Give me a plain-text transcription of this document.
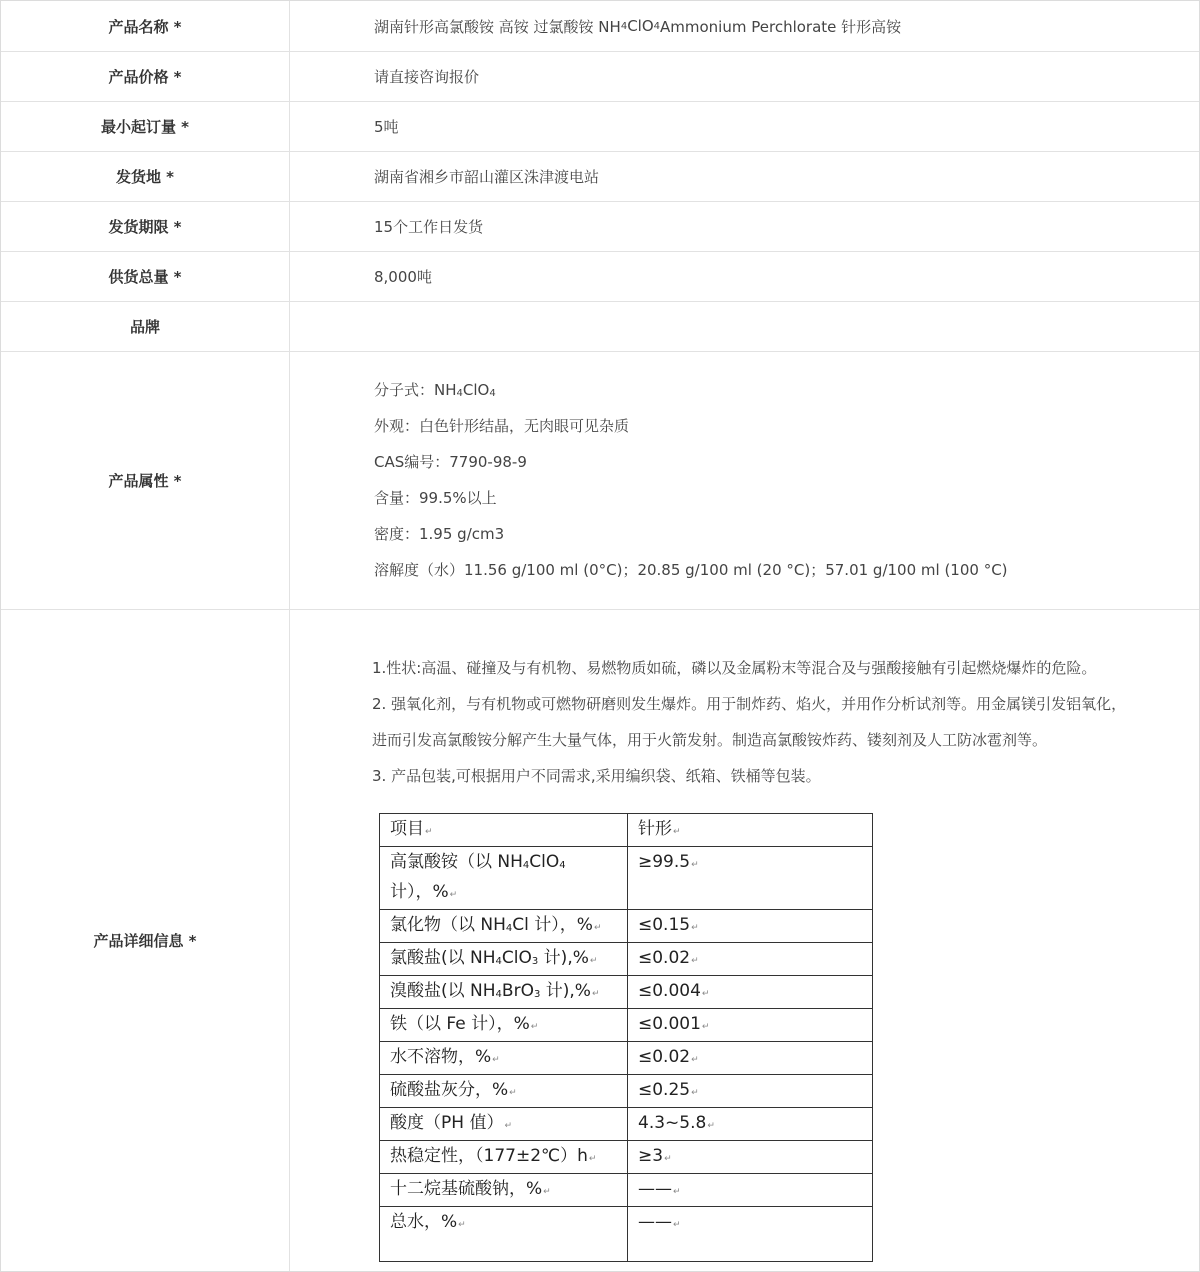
产品名称 *	湖南针形高氯酸铵 高铵 过氯酸铵 NH 4 ClO 4 Ammonium Perchlorate 针形高铵
产品价格 *	请直接咨询报价
最小起订量 *	5吨
发货地 *	湖南省湘乡市韶山灌区洙津渡电站
发货期限 *	15个工作日发货
供货总量 *	8,000吨
品牌
产品属性 *
分子式：NH4ClO4
外观：白色针形结晶，无肉眼可见杂质
CAS编号：7790-98-9
含量：99.5%以上
密度：1.95 g/cm3
溶解度（水）11.56 g/100 ml (0°C)；20.85 g/100 ml (20 °C)；57.01 g/100 ml (100 °C)
产品详细信息 *

1.性状:高温、碰撞及与有机物、易燃物质如硫，磷以及金属粉末等混合及与强酸接触有引起燃烧爆炸的危险。

2. 强氧化剂，与有机物或可燃物研磨则发生爆炸。用于制炸药、焰火，并用作分析试剂等。用金属镁引发铝氧化，

进而引发高氯酸铵分解产生大量气体，用于火箭发射。制造高氯酸铵炸药、镂刻剂及人工防冰雹剂等。

3. 产品包装,可根据用户不同需求,采用编织袋、纸箱、铁桶等包装。

项目↵	针形↵
高氯酸铵（以 NH4ClO4
计），%↵	≥99.5↵
氯化物（以 NH4Cl 计），%↵	≤0.15↵
氯酸盐(以 NH4ClO3 计),%↵	≤0.02↵
溴酸盐(以 NH4BrO3 计),%↵	≤0.004↵
铁（以 Fe 计），%↵	≤0.001↵
水不溶物，%↵	≤0.02↵
硫酸盐灰分，%↵	≤0.25↵
酸度（PH 值）↵	4.3~5.8↵
热稳定性，（177±2℃）h↵	≥3↵
十二烷基硫酸钠，%↵	——↵
总水，%↵	——↵
